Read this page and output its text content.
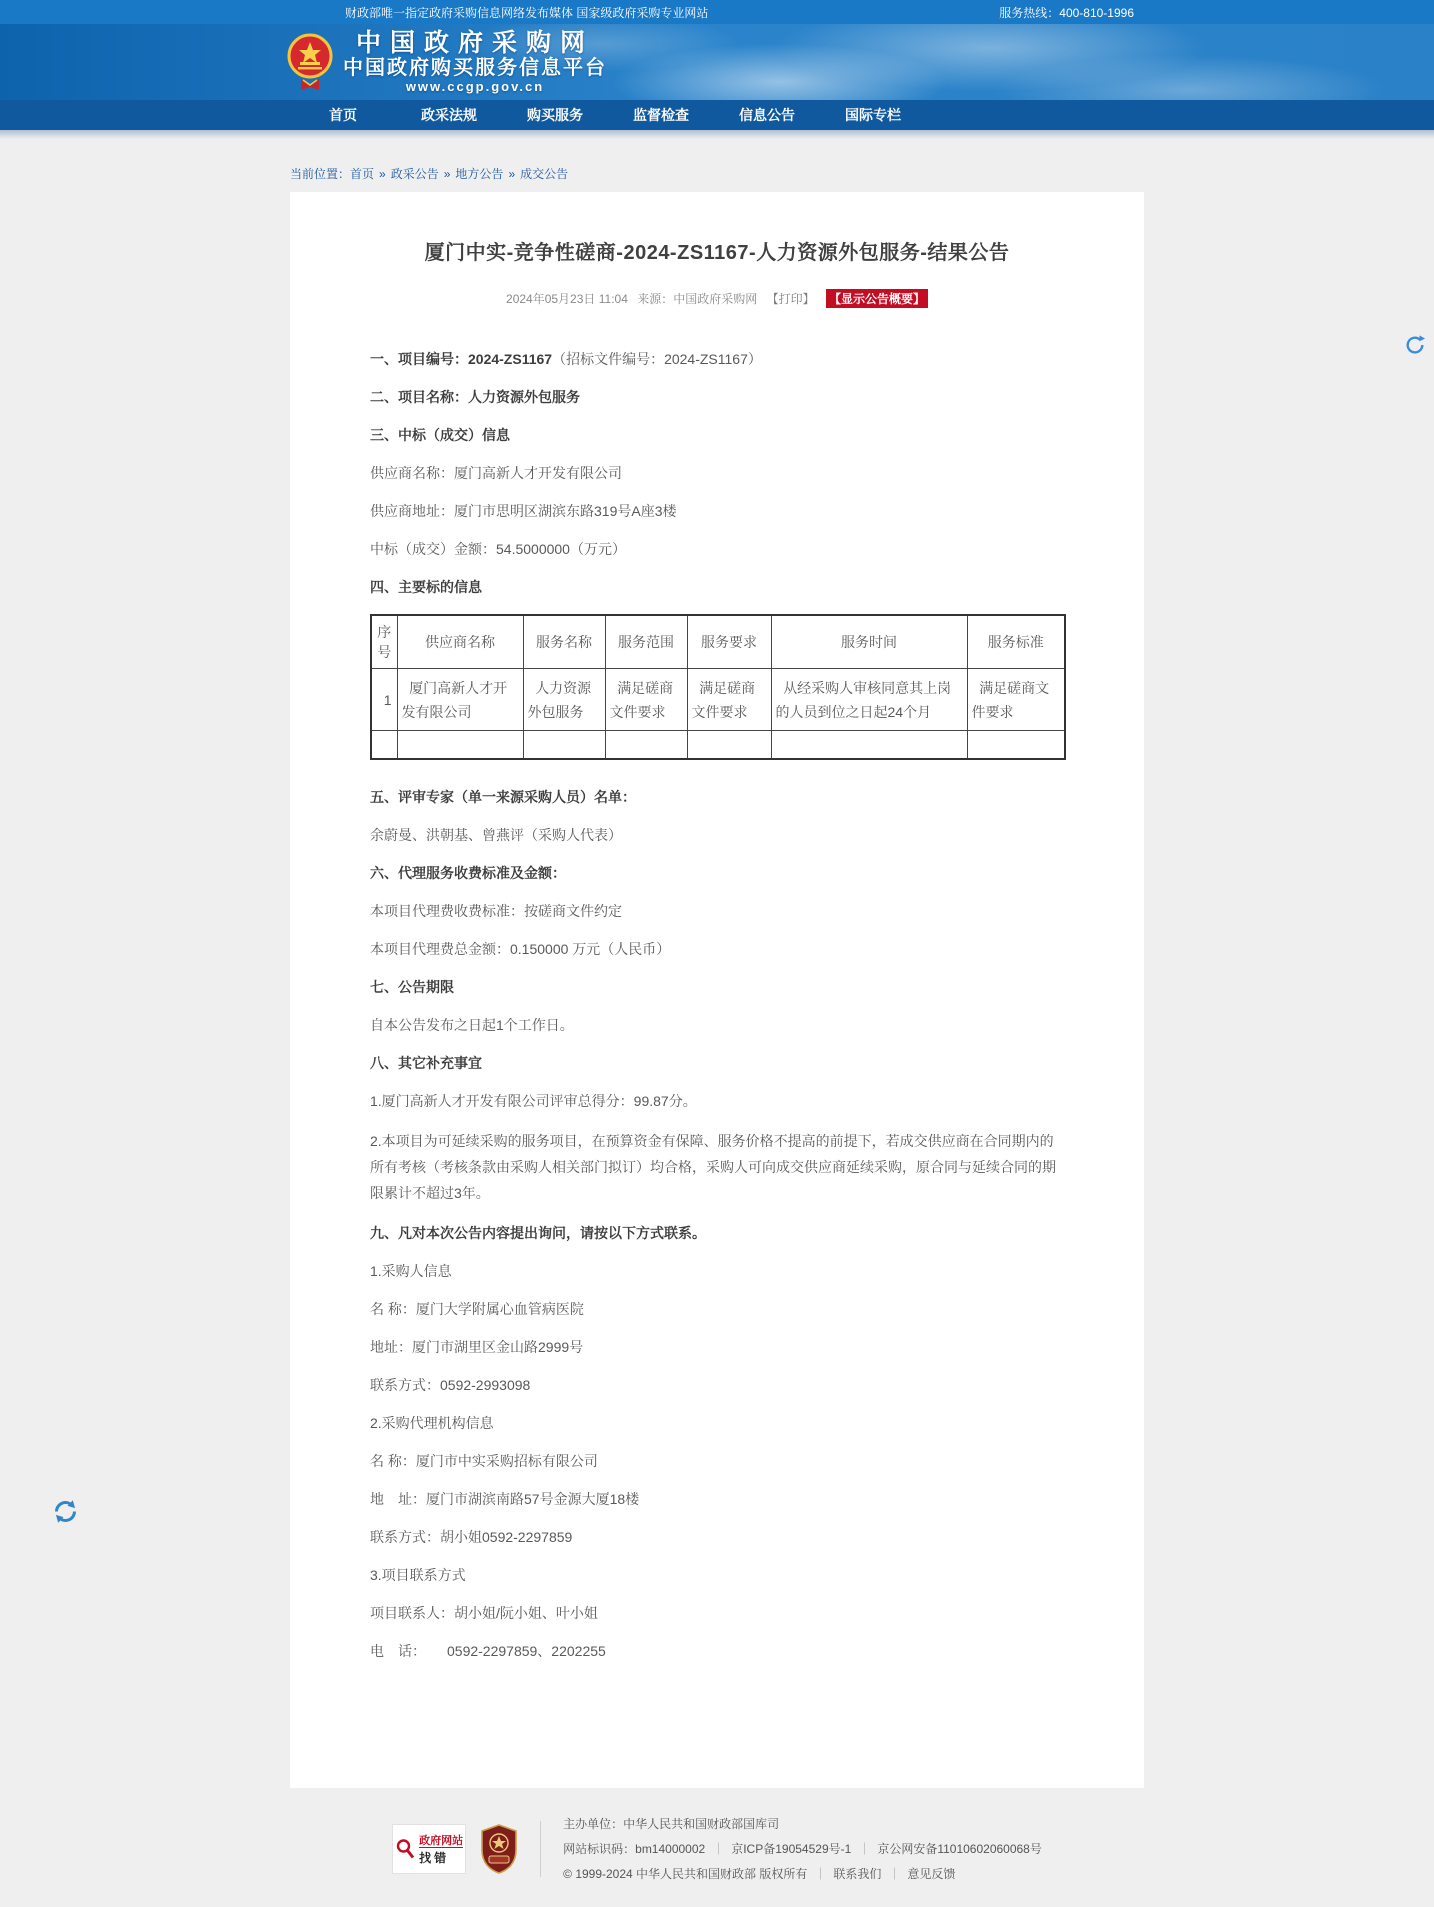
财政部唯一指定政府采购信息网络发布媒体 国家级政府采购专业网站	服务热线：400-810-1996
中国政府采购网
中国政府购买服务信息平台
www.ccgp.gov.cn
首页	政采法规	购买服务	监督检查	信息公告	国际专栏
当前位置：首页 » 政采公告 » 地方公告 » 成交公告
厦门中实-竞争性磋商-2024-ZS1167-人力资源外包服务-结果公告
2024年05月23日 11:04 来源：中国政府采购网 【打印】 【显示公告概要】

一、项目编号：2024-ZS1167（招标文件编号：2024-ZS1167）

二、项目名称：人力资源外包服务

三、中标（成交）信息

供应商名称：厦门高新人才开发有限公司

供应商地址：厦门市思明区湖滨东路319号A座3楼

中标（成交）金额：54.5000000（万元）

四、主要标的信息

序号	供应商名称	服务名称	服务范围	服务要求	服务时间	服务标准
1	厦门高新人才开发有限公司	人力资源外包服务	满足磋商文件要求	满足磋商文件要求	从经采购人审核同意其上岗的人员到位之日起24个月	满足磋商文件要求

五、评审专家（单一来源采购人员）名单：

余蔚曼、洪朝基、曾燕评（采购人代表）

六、代理服务收费标准及金额：

本项目代理费收费标准：按磋商文件约定

本项目代理费总金额：0.150000 万元（人民币）

七、公告期限

自本公告发布之日起1个工作日。

八、其它补充事宜

1.厦门高新人才开发有限公司评审总得分：99.87分。

2.本项目为可延续采购的服务项目，在预算资金有保障、服务价格不提高的前提下，若成交供应商在合同期内的所有考核（考核条款由采购人相关部门拟订）均合格，采购人可向成交供应商延续采购，原合同与延续合同的期限累计不超过3年。

九、凡对本次公告内容提出询问，请按以下方式联系。

1.采购人信息

名 称：厦门大学附属心血管病医院

地址：厦门市湖里区金山路2999号

联系方式：0592-2993098

2.采购代理机构信息

名 称：厦门市中实采购招标有限公司

地　址：厦门市湖滨南路57号金源大厦18楼

联系方式：胡小姐0592-2297859

3.项目联系方式

项目联系人：胡小姐/阮小姐、叶小姐

电　话：　　0592-2297859、2202255

政府网站
找错
主办单位：中华人民共和国财政部国库司
网站标识码：bm14000002 ｜ 京ICP备19054529号-1 ｜ 京公网安备11010602060068号
© 1999-2024 中华人民共和国财政部 版权所有 ｜ 联系我们 ｜ 意见反馈
